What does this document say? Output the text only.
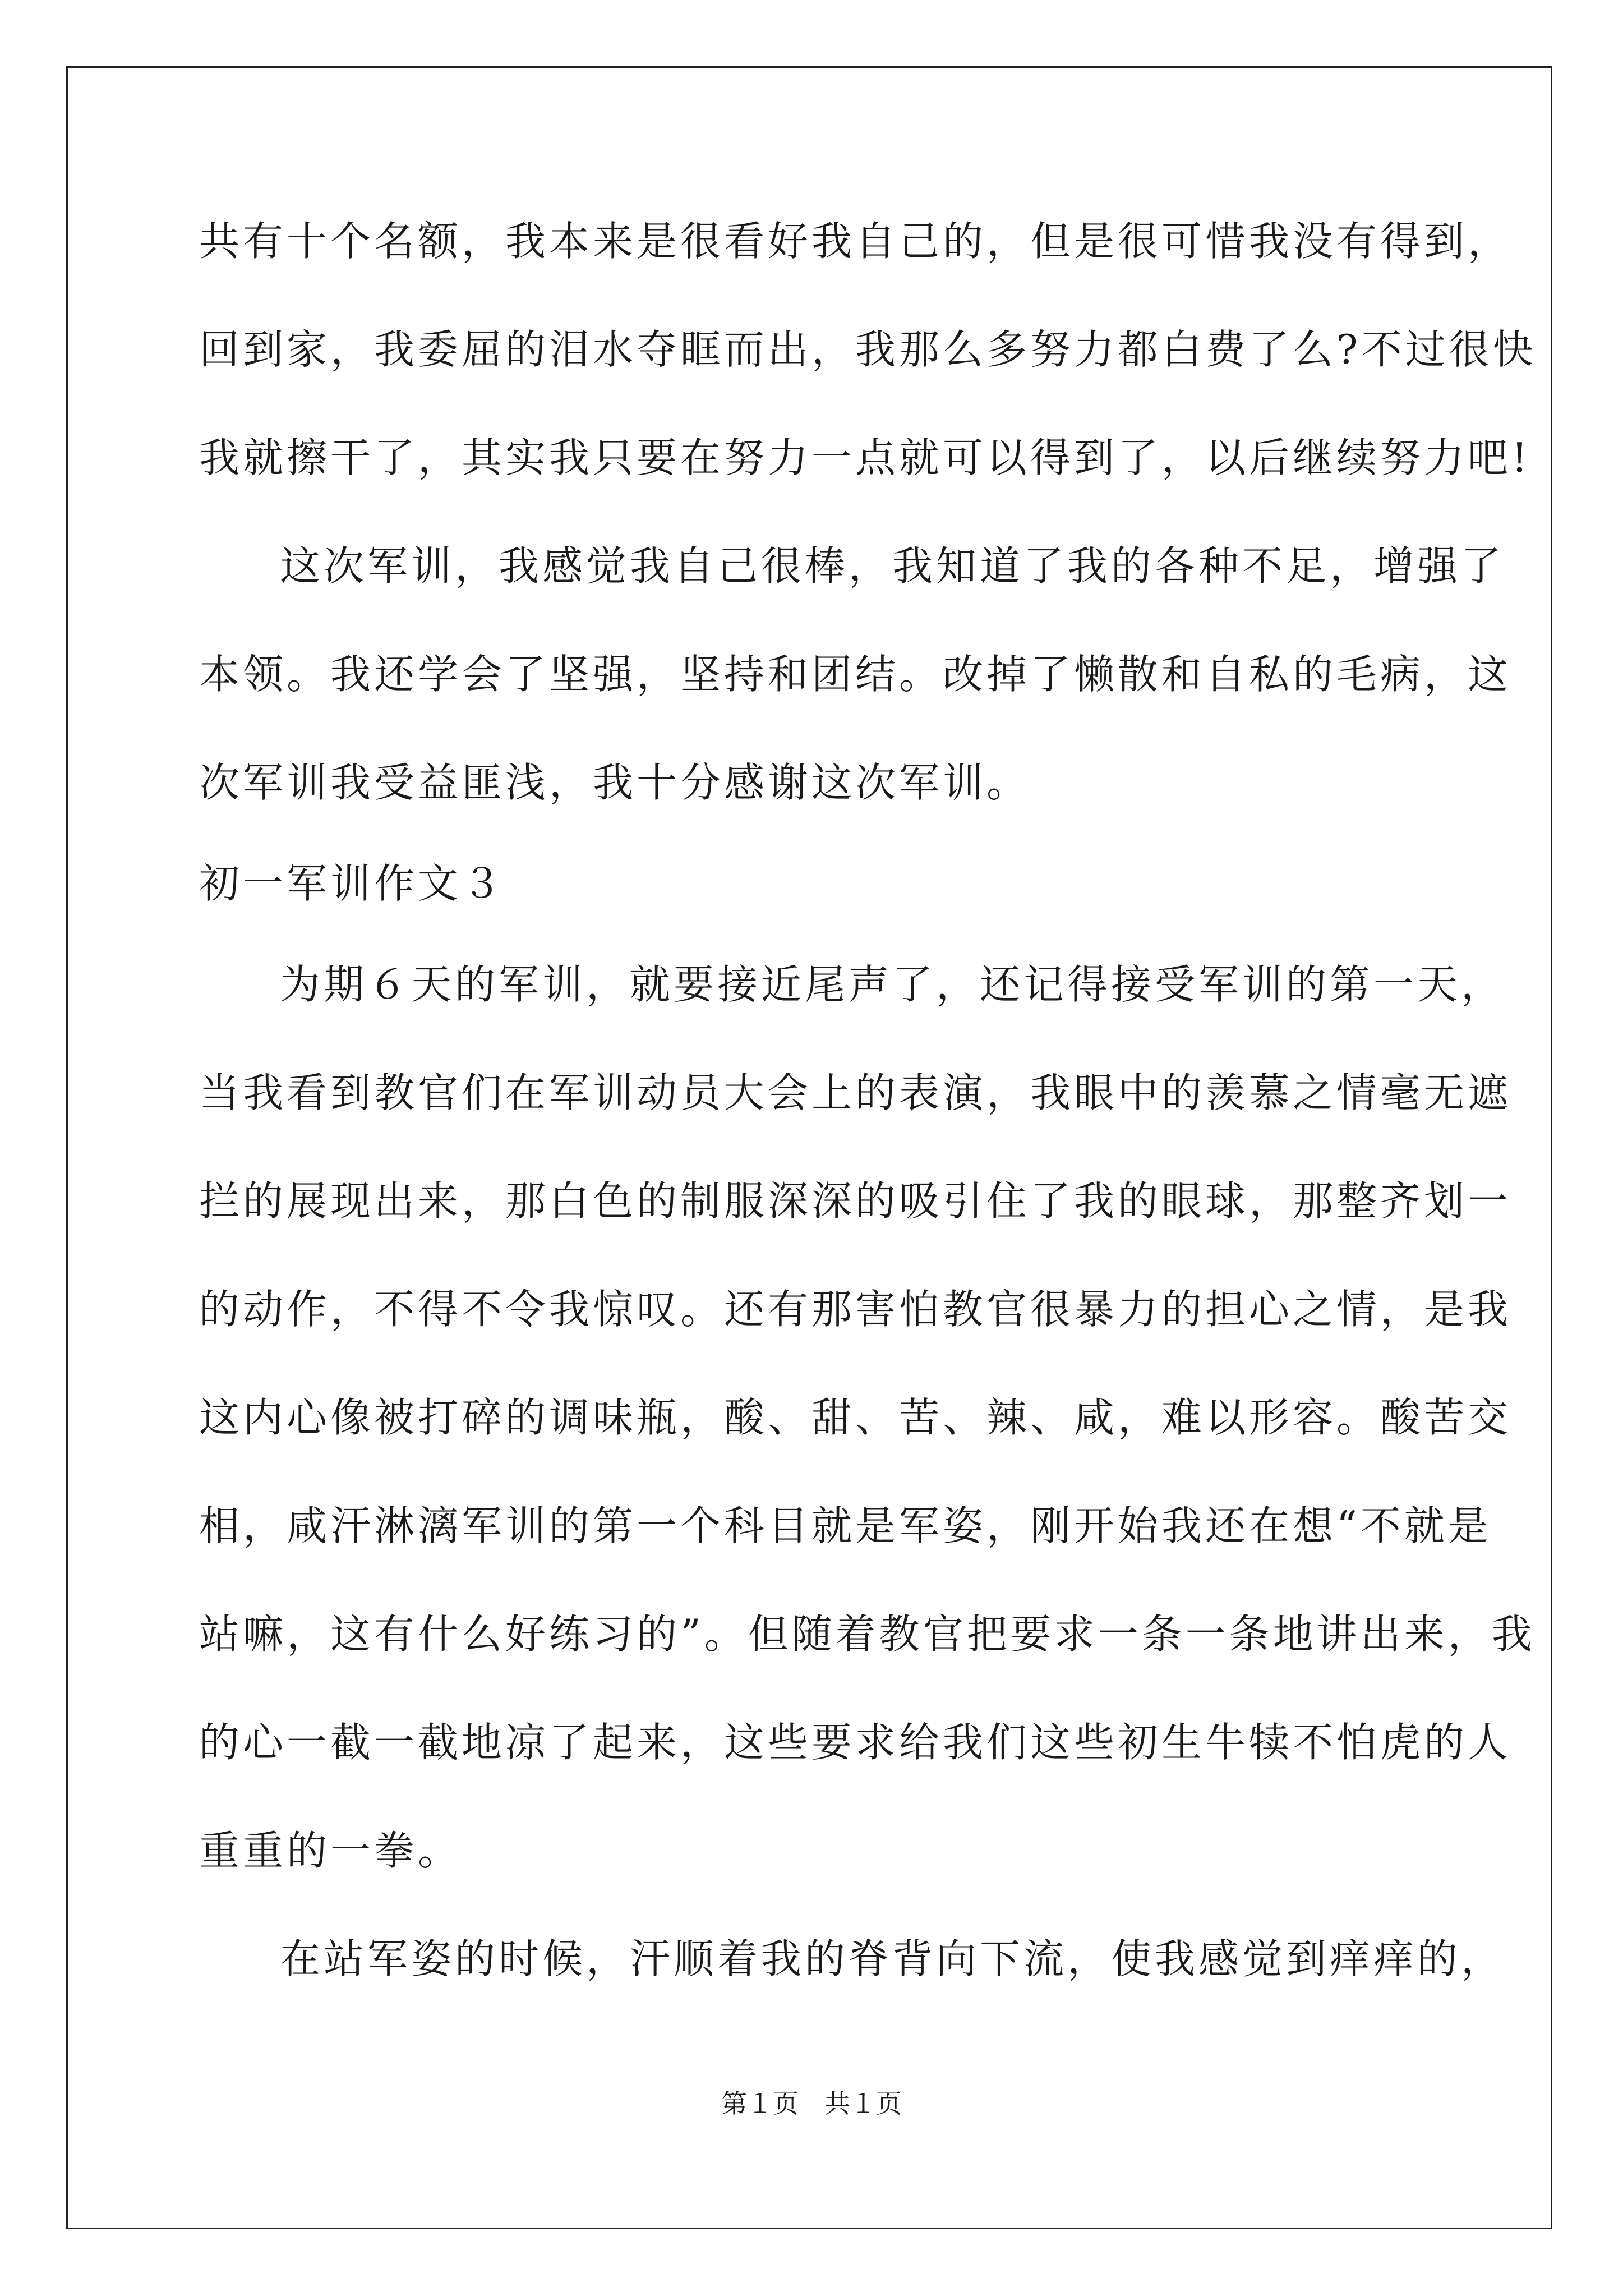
共有十个名额，我本来是很看好我自己的，但是很可惜我没有得到，
回到家，我委屈的泪水夺眶而出，我那么多努力都白费了么?不过很快
我就擦干了，其实我只要在努力一点就可以得到了，以后继续努力吧!
这次军训，我感觉我自己很棒，我知道了我的各种不足，增强了
本领。我还学会了坚强，坚持和团结。改掉了懒散和自私的毛病，这
次军训我受益匪浅，我十分感谢这次军训。
初一军训作文３
为期６天的军训，就要接近尾声了，还记得接受军训的第一天，
当我看到教官们在军训动员大会上的表演，我眼中的羡慕之情毫无遮
拦的展现出来，那白色的制服深深的吸引住了我的眼球，那整齐划一
的动作，不得不令我惊叹。还有那害怕教官很暴力的担心之情，是我
这内心像被打碎的调味瓶，酸、甜、苦、辣、咸，难以形容。酸苦交
相，咸汗淋漓军训的第一个科目就是军姿，刚开始我还在想“不就是
站嘛，这有什么好练习的”。但随着教官把要求一条一条地讲出来，我
的心一截一截地凉了起来，这些要求给我们这些初生牛犊不怕虎的人
重重的一拳。
在站军姿的时候，汗顺着我的脊背向下流，使我感觉到痒痒的，
第１页　共１页
